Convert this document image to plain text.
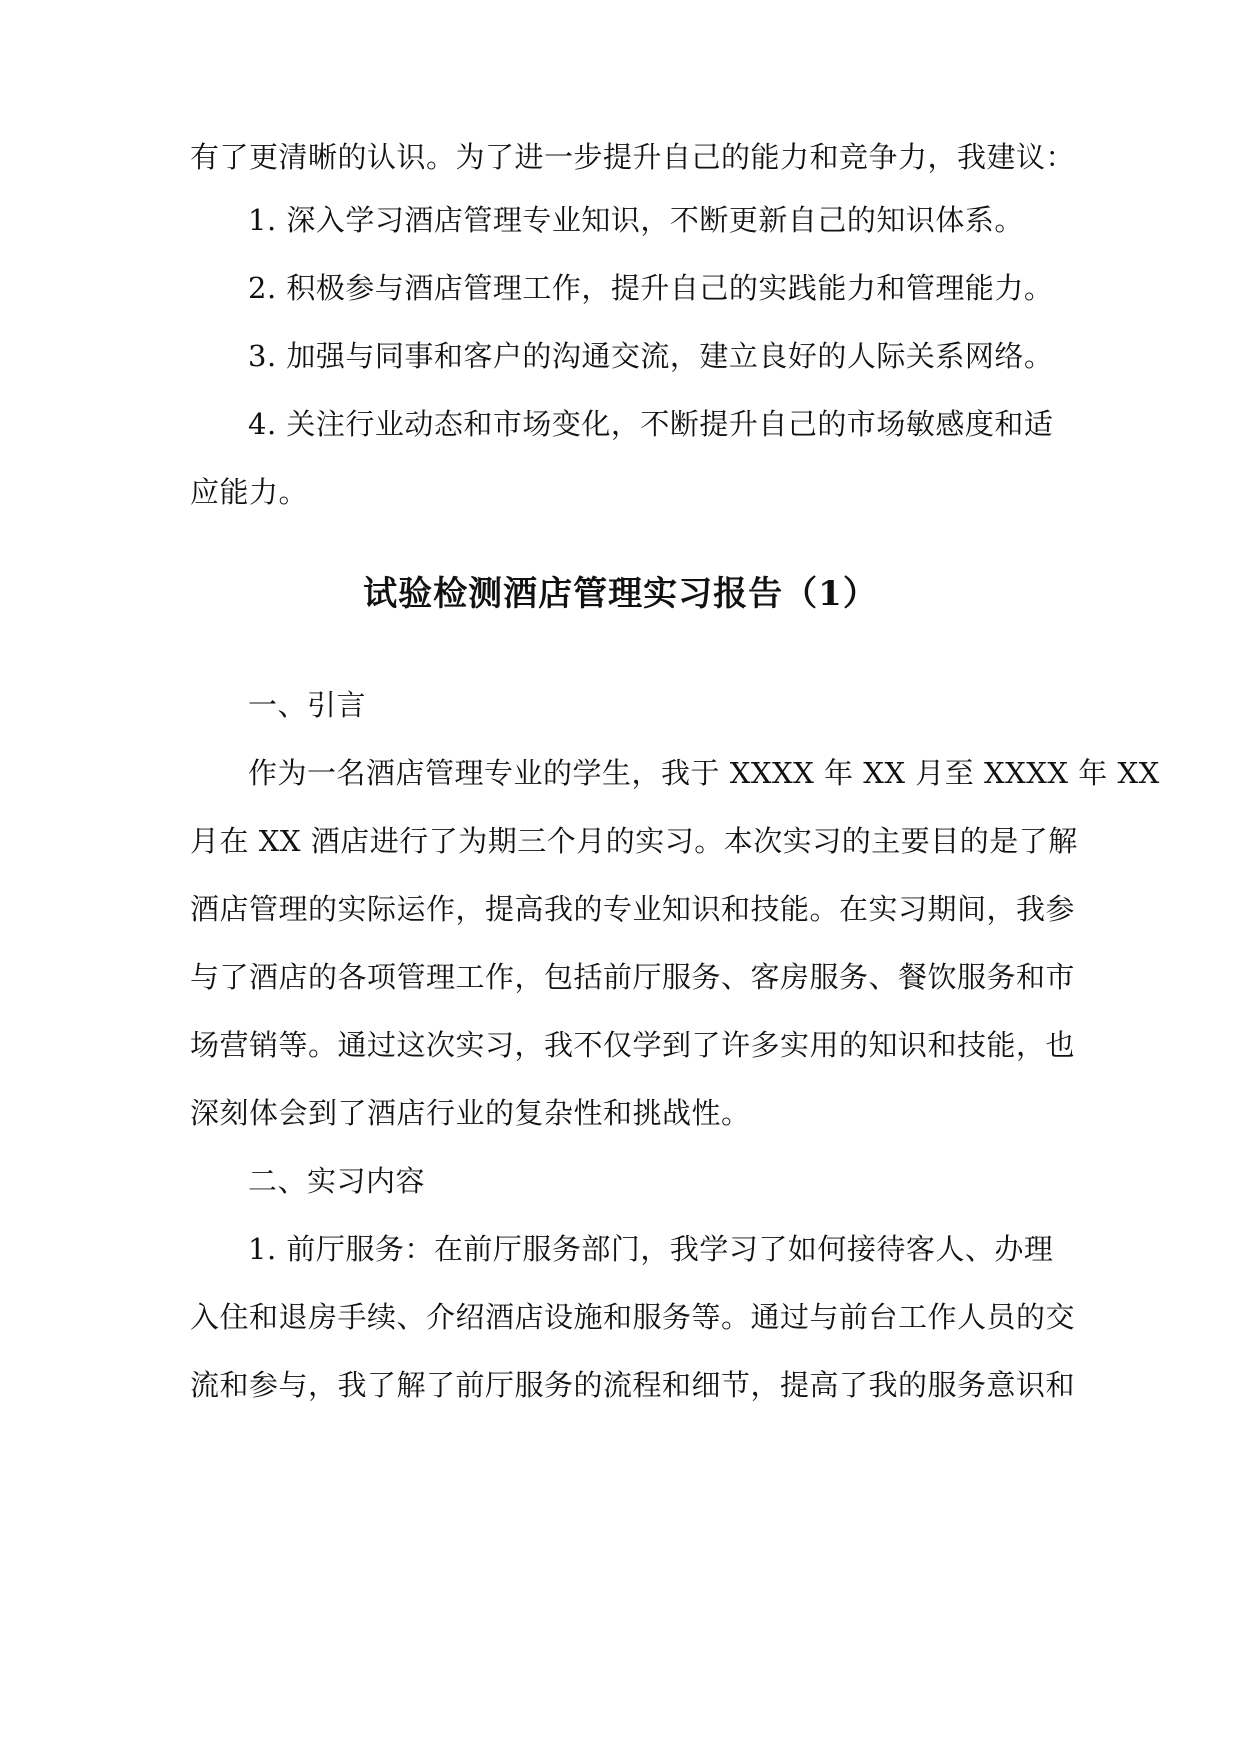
有了更清晰的认识。为了进一步提升自己的能力和竞争力，我建议：
1. 深入学习酒店管理专业知识，不断更新自己的知识体系。
2. 积极参与酒店管理工作，提升自己的实践能力和管理能力。
3. 加强与同事和客户的沟通交流，建立良好的人际关系网络。
4. 关注行业动态和市场变化，不断提升自己的市场敏感度和适
应能力。
试验检测酒店管理实习报告（1）
一、引言
作为一名酒店管理专业的学生，我于 XXXX 年 XX 月至 XXXX 年 XX
月在 XX 酒店进行了为期三个月的实习。本次实习的主要目的是了解
酒店管理的实际运作，提高我的专业知识和技能。在实习期间，我参
与了酒店的各项管理工作，包括前厅服务、客房服务、餐饮服务和市
场营销等。通过这次实习，我不仅学到了许多实用的知识和技能，也
深刻体会到了酒店行业的复杂性和挑战性。
二、实习内容
1. 前厅服务：在前厅服务部门，我学习了如何接待客人、办理
入住和退房手续、介绍酒店设施和服务等。通过与前台工作人员的交
流和参与，我了解了前厅服务的流程和细节，提高了我的服务意识和
